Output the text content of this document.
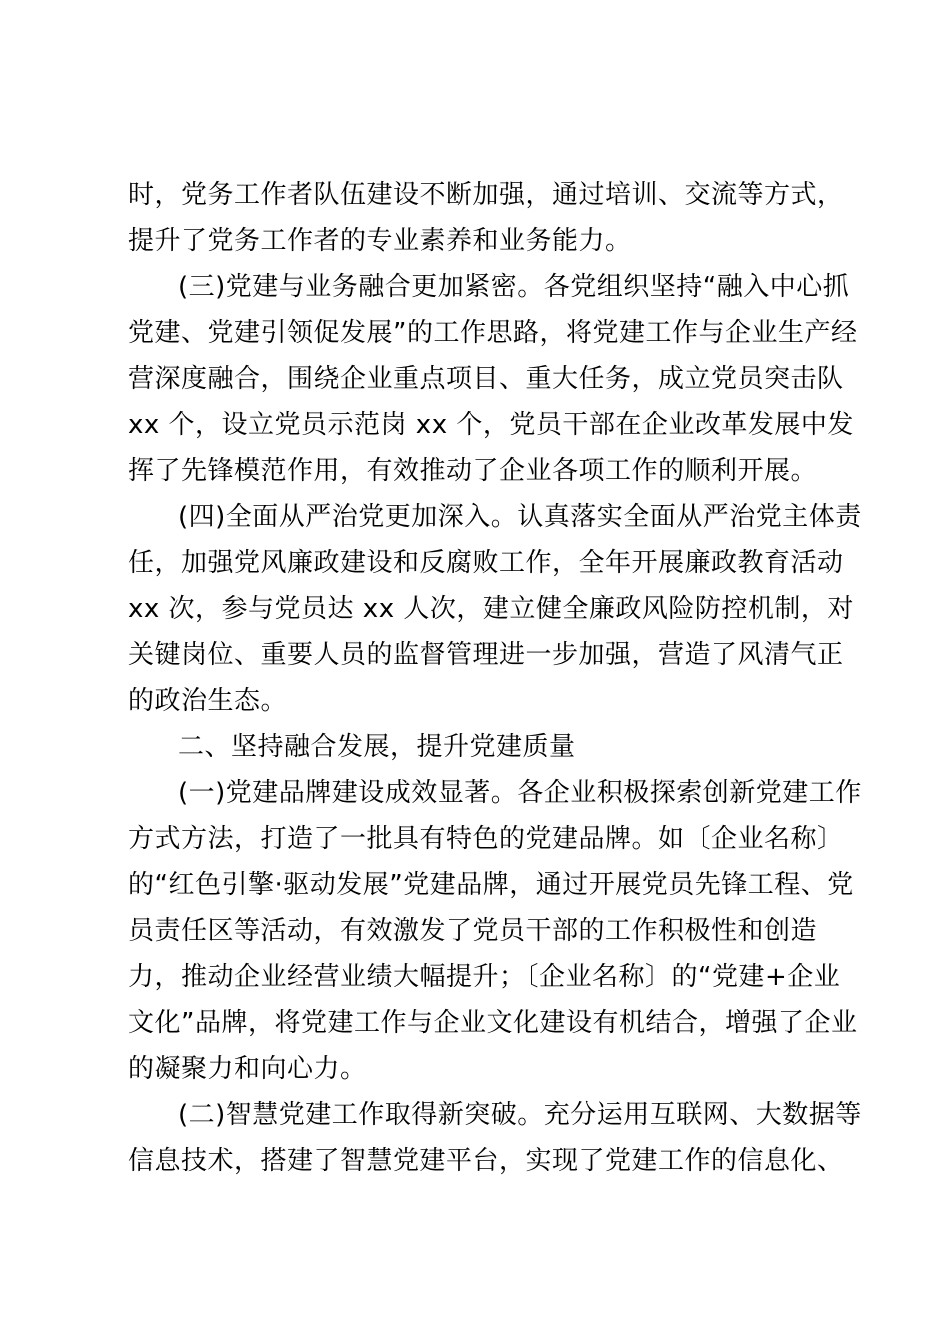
时，党务工作者队伍建设不断加强，通过培训、交流等方式，
提升了党务工作者的专业素养和业务能力。
(三)党建与业务融合更加紧密。各党组织坚持“融入中心抓
党建、党建引领促发展”的工作思路，将党建工作与企业生产经
营深度融合，围绕企业重点项目、重大任务，成立党员突击队
xx 个，设立党员示范岗 xx 个，党员干部在企业改革发展中发
挥了先锋模范作用，有效推动了企业各项工作的顺利开展。
(四)全面从严治党更加深入。认真落实全面从严治党主体责
任，加强党风廉政建设和反腐败工作，全年开展廉政教育活动
xx 次，参与党员达 xx 人次，建立健全廉政风险防控机制，对
关键岗位、重要人员的监督管理进一步加强，营造了风清气正
的政治生态。
二、坚持融合发展，提升党建质量
(一)党建品牌建设成效显著。各企业积极探索创新党建工作
方式方法，打造了一批具有特色的党建品牌。如〔企业名称〕
的“红色引擎·驱动发展”党建品牌，通过开展党员先锋工程、党
员责任区等活动，有效激发了党员干部的工作积极性和创造
力，推动企业经营业绩大幅提升；〔企业名称〕的“党建+企业
文化”品牌，将党建工作与企业文化建设有机结合，增强了企业
的凝聚力和向心力。
(二)智慧党建工作取得新突破。充分运用互联网、大数据等
信息技术，搭建了智慧党建平台，实现了党建工作的信息化、
